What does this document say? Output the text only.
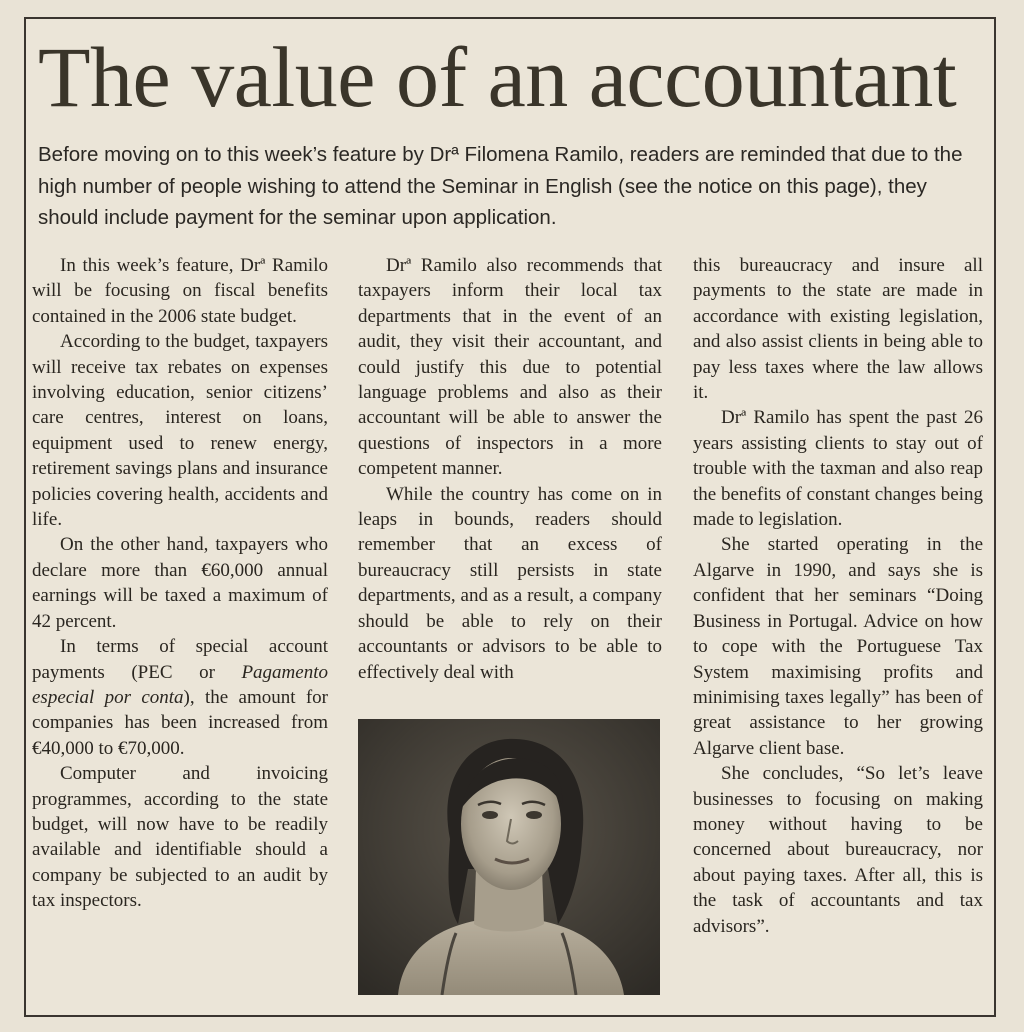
The value of an accountant

Before moving on to this week’s feature by Drª Filomena Ramilo, readers are reminded that due to the high number of people wishing to attend the Seminar in English (see the notice on this page), they should include payment for the seminar upon application.

In this week’s feature, Drª Ramilo will be focusing on fiscal benefits contained in the 2006 state budget.

According to the budget, taxpayers will receive tax rebates on expenses involving education, senior citizens’ care centres, interest on loans, equipment used to renew energy, retirement savings plans and insurance policies covering health, accidents and life.

On the other hand, taxpayers who declare more than €60,000 annual earnings will be taxed a maximum of 42 percent.

In terms of special account payments (PEC or Pagamento especial por conta), the amount for companies has been increased from €40,000 to €70,000.

Computer and invoicing programmes, according to the state budget, will now have to be readily available and identifiable should a company be subjected to an audit by tax inspectors.

Drª Ramilo also recommends that taxpayers inform their local tax departments that in the event of an audit, they visit their accountant, and could justify this due to potential language problems and also as their accountant will be able to answer the questions of inspectors in a more competent manner.

While the country has come on in leaps in bounds, readers should remember that an excess of bureaucracy still persists in state departments, and as a result, a company should be able to rely on their accountants or advisors to be able to effectively deal with

this bureaucracy and insure all payments to the state are made in accordance with existing legislation, and also assist clients in being able to pay less taxes where the law allows it.

Drª Ramilo has spent the past 26 years assisting clients to stay out of trouble with the taxman and also reap the benefits of constant changes being made to legislation.

She started operating in the Algarve in 1990, and says she is confident that her seminars “Doing Business in Portugal. Advice on how to cope with the Portuguese Tax System maximising profits and minimising taxes legally” has been of great assistance to her growing Algarve client base.

She concludes, “So let’s leave businesses to focusing on making money without having to be concerned about bureaucracy, nor about paying taxes. After all, this is the task of accountants and tax advisors”.
